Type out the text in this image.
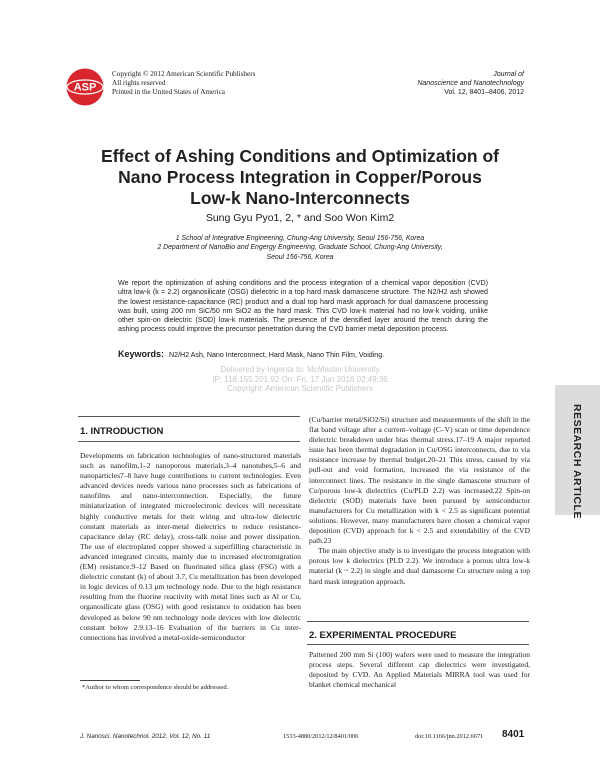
ASP
Copyright © 2012 American Scientific Publishers
All rights reserved
Printed in the United States of America
Journal of
Nanoscience and Nanotechnology
Vol. 12, 8401–8406, 2012
Effect of Ashing Conditions and Optimization of
Nano Process Integration in Copper/Porous
Low-k Nano-Interconnects
Sung Gyu Pyo1, 2, * and Soo Won Kim2
1 School of Integrative Engineering, Chung-Ang University, Seoul 156-756, Korea
2 Department of NanoBio and Engergy Engineering, Graduate School, Chung-Ang University,
Seoul 156-756, Korea
We report the optimization of ashing conditions and the process integration of a chemical vapor deposition (CVD) ultra low-k (k = 2.2) organosilicate (OSG) dielectric in a top hard mask damascene structure. The N2/H2 ash showed the lowest resistance-capacitance (RC) product and a dual top hard mask approach for dual damascene processing was built, using 200 nm SiC/50 nm SiO2 as the hard mask. This CVD low-k material had no low-k voiding, unlike other spin-on dielectric (SOD) low-k materials. The presence of the densified layer around the trench during the ashing process could improve the precursor penetration during the CVD barrier metal deposition process.
Keywords: N2/H2 Ash, Nano Interconnect, Hard Mask, Nano Thin Film, Voiding.
Delivered by Ingenta to: McMaster University
IP: 116.155.201.92 On: Fri, 17 Jun 2016 02:49:36
Copyright: American Scientific Publishers
RESEARCH ARTICLE
1. INTRODUCTION

Developments on fabrication technologies of nano-structured materials such as nanofilm,1–2 nanoporous materials,3–4 nanotubes,5–6 and nanoparticles7–8 have huge contributions to current technologies. Even advanced devices needs various nano processes such as fabrications of nanofilms and nano-interconnection. Especially, the future miniaturization of integrated microelectronic devices will necessitate highly conductive metals for their wiring and ultra-low dielectric constant materials as inter-metal dielectrics to reduce resistance-capacitance delay (RC delay), cross-talk noise and power dissipation. The use of electroplated copper showed a superfilling characteristic in advanced integrated circuits, mainly due to increased electromigration (EM) resistance.9–12 Based on fluorinated silica glass (FSG) with a dielectric constant (k) of about 3.7, Cu metallization has been developed in logic devices of 0.13 μm technology node. Due to the high resistance resulting from the fluorine reactivity with metal lines such as Al or Cu, organosilicate glass (OSG) with good resistance to oxidation has been developed as below 90 nm technology node devices with low dielectric constant below 2.9.13–16 Evaluation of the barriers in Cu inter-connections has involved a metal-oxide-semiconductor

(Cu/barrier metal/SiO2/Si) structure and measurements of the shift in the flat band voltage after a current–voltage (C–V) scan or time dependence dielectric breakdown under bias thermal stress.17–19 A major reported issue has been thermal degradation in Cu/OSG interconnects, due to via resistance increase by thermal budget.20–21 This stress, caused by via pull-out and void formation, increased the via resistance of the interconnect lines. The resistance in the single damascene structure of Cu/porous low-k dielectrics (Cu/PLD 2.2) was increased.22 Spin-on dielectric (SOD) materials have been pursued by semiconductor manufacturers for Cu metallization with k < 2.5 as significant potential solutions. However, many manufacturers have chosen a chemical vapor deposition (CVD) approach for k < 2.5 and extendability of the CVD path.23

The main objective study is to investigate the process integration with porous low k dielectrics (PLD 2.2). We introduce a porous ultra low-k material (k ~ 2.2) in single and dual damascene Cu structure using a top hard mask integration approach.

2. EXPERIMENTAL PROCEDURE

Patterned 200 mm Si (100) wafers were used to measure the integration process steps. Several different cap dielectrics were investigated, deposited by CVD. An Applied Materials MIRRA tool was used for blanket chemical mechanical

*Author to whom correspondence should be addressed.
J. Nanosci. Nanotechnol. 2012, Vol. 12, No. 11	1533-4880/2012/12/8401/006	doi:10.1166/jnn.2012.6671 8401
